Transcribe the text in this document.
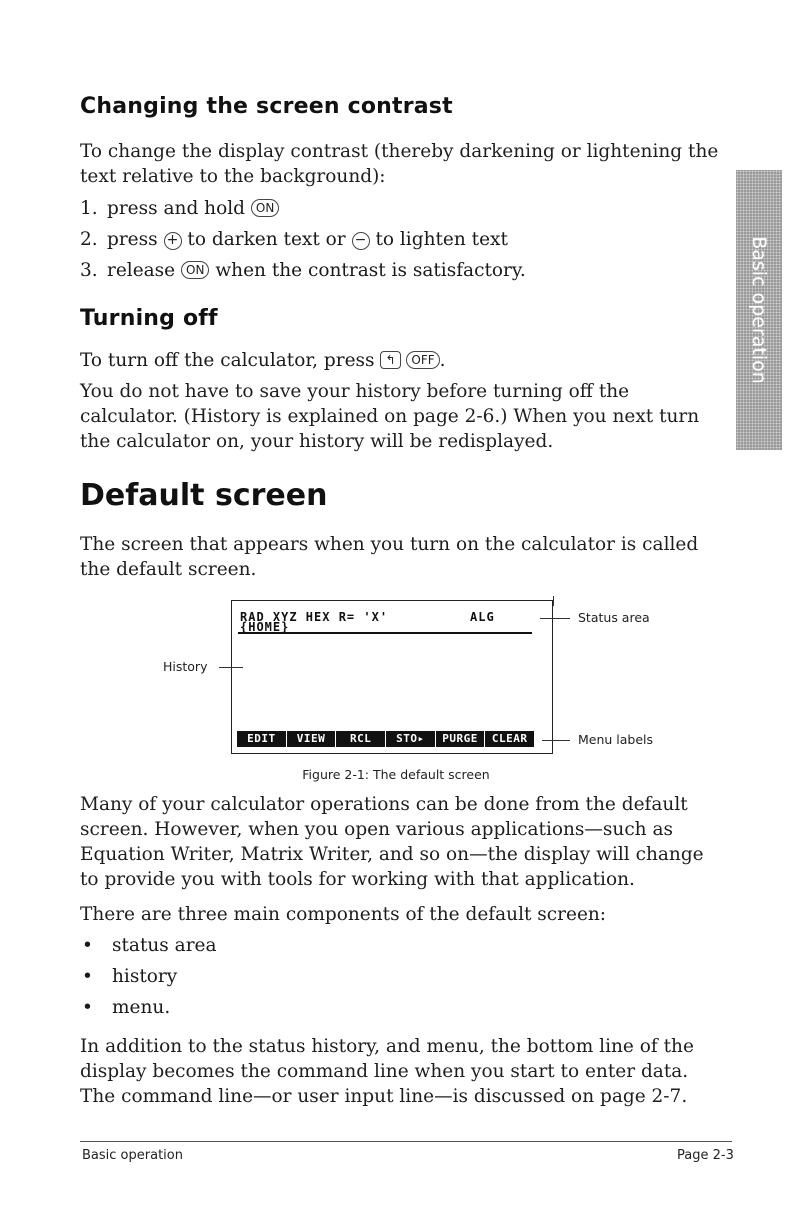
Basic operation
Changing the screen contrast
To change the display contrast (thereby darkening or lightening the text relative to the background):
1. press and hold ON
2. press + to darken text or − to lighten text
3. release ON when the contrast is satisfactory.
Turning off
To turn off the calculator, press ↰ OFF .
You do not have to save your history before turning off the calculator. (History is explained on page 2-6.) When you next turn the calculator on, your history will be redisplayed.
Default screen
The screen that appears when you turn on the calculator is called the default screen.
RAD XYZ HEX R= 'X'	ALG
{HOME}
EDIT	VIEW	RCL	STO▸	PURGE	CLEAR
Status area
History
Menu labels
Figure 2-1: The default screen
Many of your calculator operations can be done from the default screen. However, when you open various applications—such as Equation Writer, Matrix Writer, and so on—the display will change to provide you with tools for working with that application.
There are three main components of the default screen:
• status area
• history
• menu.
In addition to the status history, and menu, the bottom line of the display becomes the command line when you start to enter data. The command line—or user input line—is discussed on page 2-7.
Basic operation	Page 2-3
